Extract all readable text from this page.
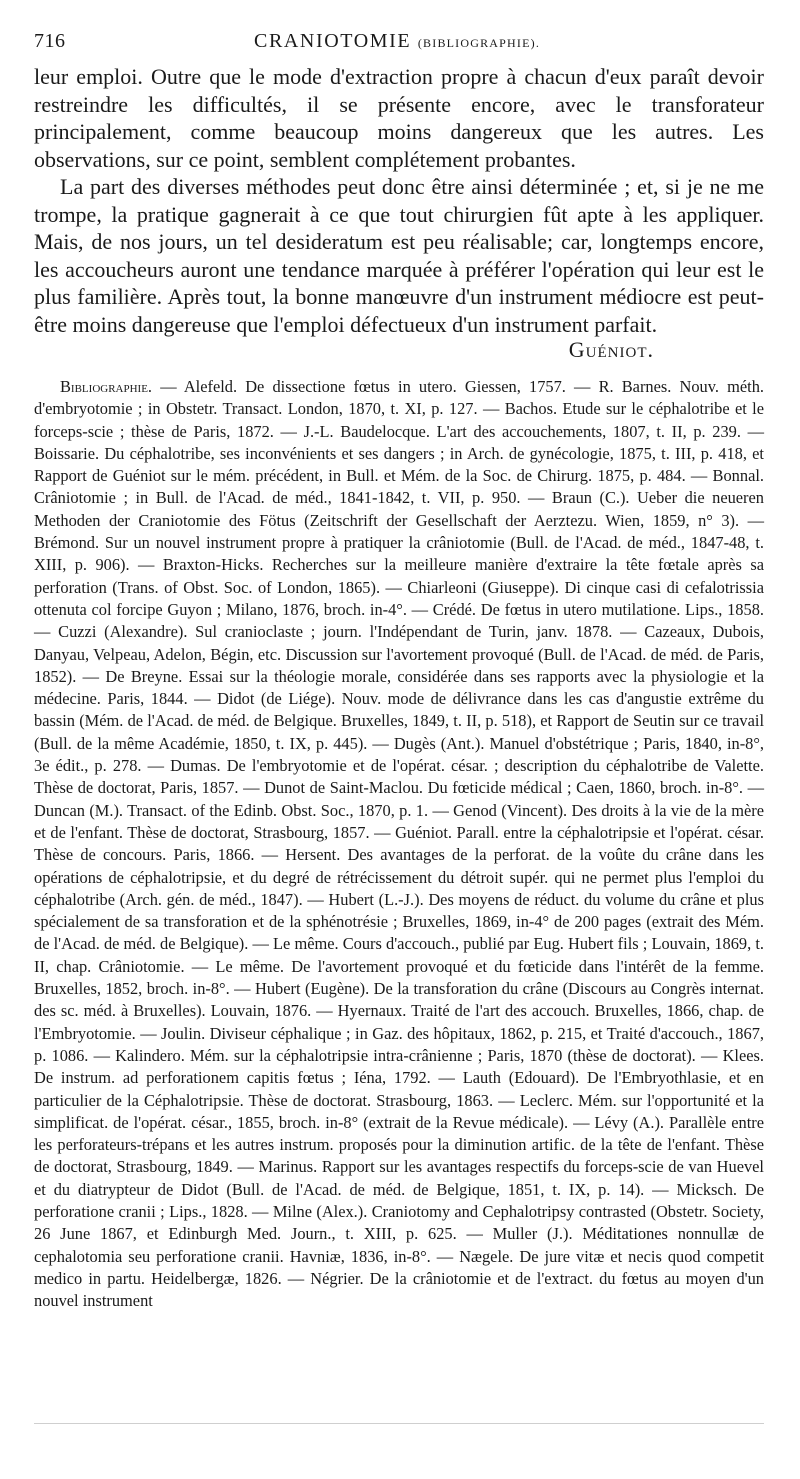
716	CRANIOTOMIE (BIBLIOGRAPHIE).

leur emploi. Outre que le mode d'extraction propre à chacun d'eux paraît devoir restreindre les difficultés, il se présente encore, avec le transforateur principalement, comme beaucoup moins dangereux que les autres. Les observations, sur ce point, semblent complétement probantes.

La part des diverses méthodes peut donc être ainsi déterminée ; et, si je ne me trompe, la pratique gagnerait à ce que tout chirurgien fût apte à les appliquer. Mais, de nos jours, un tel desideratum est peu réalisable; car, longtemps encore, les accoucheurs auront une tendance marquée à préférer l'opération qui leur est le plus familière. Après tout, la bonne manœuvre d'un instrument médiocre est peut-être moins dangereuse que l'emploi défectueux d'un instrument parfait.

Guéniot.

Bibliographie. — Alefeld. De dissectione fœtus in utero. Giessen, 1757. — R. Barnes. Nouv. méth. d'embryotomie ; in Obstetr. Transact. London, 1870, t. XI, p. 127. — Bachos. Etude sur le céphalotribe et le forceps-scie ; thèse de Paris, 1872. — J.-L. Baudelocque. L'art des accouchements, 1807, t. II, p. 239. — Boissarie. Du céphalotribe, ses inconvénients et ses dangers ; in Arch. de gynécologie, 1875, t. III, p. 418, et Rapport de Guéniot sur le mém. précédent, in Bull. et Mém. de la Soc. de Chirurg. 1875, p. 484. — Bonnal. Crâniotomie ; in Bull. de l'Acad. de méd., 1841-1842, t. VII, p. 950. — Braun (C.). Ueber die neueren Methoden der Craniotomie des Fötus (Zeitschrift der Gesellschaft der Aerztezu. Wien, 1859, n° 3). — Brémond. Sur un nouvel instrument propre à pratiquer la crâniotomie (Bull. de l'Acad. de méd., 1847-48, t. XIII, p. 906). — Braxton-Hicks. Recherches sur la meilleure manière d'extraire la tête fœtale après sa perforation (Trans. of Obst. Soc. of London, 1865). — Chiarleoni (Giuseppe). Di cinque casi di cefalotrissia ottenuta col forcipe Guyon ; Milano, 1876, broch. in-4°. — Crédé. De fœtus in utero mutilatione. Lips., 1858. — Cuzzi (Alexandre). Sul cranioclaste ; journ. l'Indépendant de Turin, janv. 1878. — Cazeaux, Dubois, Danyau, Velpeau, Adelon, Bégin, etc. Discussion sur l'avortement provoqué (Bull. de l'Acad. de méd. de Paris, 1852). — De Breyne. Essai sur la théologie morale, considérée dans ses rapports avec la physiologie et la médecine. Paris, 1844. — Didot (de Liége). Nouv. mode de délivrance dans les cas d'angustie extrême du bassin (Mém. de l'Acad. de méd. de Belgique. Bruxelles, 1849, t. II, p. 518), et Rapport de Seutin sur ce travail (Bull. de la même Académie, 1850, t. IX, p. 445). — Dugès (Ant.). Manuel d'obstétrique ; Paris, 1840, in-8°, 3e édit., p. 278. — Dumas. De l'embryotomie et de l'opérat. césar. ; description du céphalotribe de Valette. Thèse de doctorat, Paris, 1857. — Dunot de Saint-Maclou. Du fœticide médical ; Caen, 1860, broch. in-8°. — Duncan (M.). Transact. of the Edinb. Obst. Soc., 1870, p. 1. — Genod (Vincent). Des droits à la vie de la mère et de l'enfant. Thèse de doctorat, Strasbourg, 1857. — Guéniot. Parall. entre la céphalotripsie et l'opérat. césar. Thèse de concours. Paris, 1866. — Hersent. Des avantages de la perforat. de la voûte du crâne dans les opérations de céphalotripsie, et du degré de rétrécissement du détroit supér. qui ne permet plus l'emploi du céphalotribe (Arch. gén. de méd., 1847). — Hubert (L.-J.). Des moyens de réduct. du volume du crâne et plus spécialement de sa transforation et de la sphénotrésie ; Bruxelles, 1869, in-4° de 200 pages (extrait des Mém. de l'Acad. de méd. de Belgique). — Le même. Cours d'accouch., publié par Eug. Hubert fils ; Louvain, 1869, t. II, chap. Crâniotomie. — Le même. De l'avortement provoqué et du fœticide dans l'intérêt de la femme. Bruxelles, 1852, broch. in-8°. — Hubert (Eugène). De la transforation du crâne (Discours au Congrès internat. des sc. méd. à Bruxelles). Louvain, 1876. — Hyernaux. Traité de l'art des accouch. Bruxelles, 1866, chap. de l'Embryotomie. — Joulin. Diviseur céphalique ; in Gaz. des hôpitaux, 1862, p. 215, et Traité d'accouch., 1867, p. 1086. — Kalindero. Mém. sur la céphalotripsie intra-crânienne ; Paris, 1870 (thèse de doctorat). — Klees. De instrum. ad perforationem capitis fœtus ; Iéna, 1792. — Lauth (Edouard). De l'Embryothlasie, et en particulier de la Céphalotripsie. Thèse de doctorat. Strasbourg, 1863. — Leclerc. Mém. sur l'opportunité et la simplificat. de l'opérat. césar., 1855, broch. in-8° (extrait de la Revue médicale). — Lévy (A.). Parallèle entre les perforateurs-trépans et les autres instrum. proposés pour la diminution artific. de la tête de l'enfant. Thèse de doctorat, Strasbourg, 1849. — Marinus. Rapport sur les avantages respectifs du forceps-scie de van Huevel et du diatrypteur de Didot (Bull. de l'Acad. de méd. de Belgique, 1851, t. IX, p. 14). — Micksch. De perforatione cranii ; Lips., 1828. — Milne (Alex.). Craniotomy and Cephalotripsy contrasted (Obstetr. Society, 26 June 1867, et Edinburgh Med. Journ., t. XIII, p. 625. — Muller (J.). Méditationes nonnullæ de cephalotomia seu perforatione cranii. Havniæ, 1836, in-8°. — Nægele. De jure vitæ et necis quod competit medico in partu. Heidelbergæ, 1826. — Négrier. De la crâniotomie et de l'extract. du fœtus au moyen d'un nouvel instrument
